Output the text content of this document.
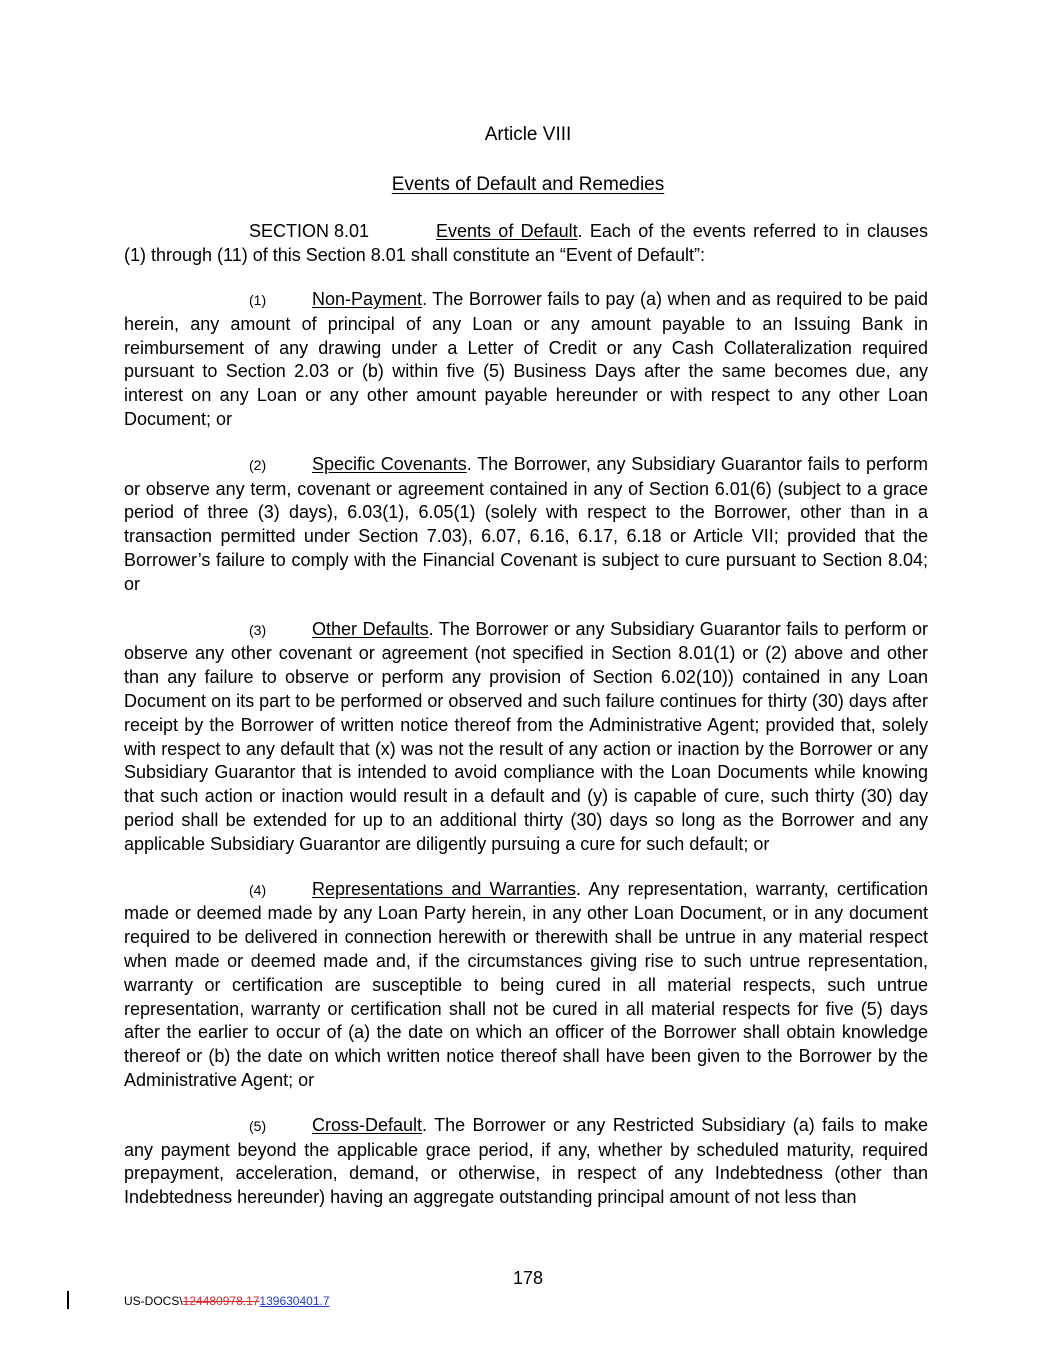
Article VIII
Events of Default and Remedies

SECTION 8.01	Events of Default. Each of the events referred to in clauses (1) through (11) of this Section 8.01 shall constitute an “Event of Default”:

(1)	Non-Payment. The Borrower fails to pay (a) when and as required to be paid herein, any amount of principal of any Loan or any amount payable to an Issuing Bank in reimbursement of any drawing under a Letter of Credit or any Cash Collateralization required pursuant to Section 2.03 or (b) within five (5) Business Days after the same becomes due, any interest on any Loan or any other amount payable hereunder or with respect to any other Loan Document; or

(2)	Specific Covenants. The Borrower, any Subsidiary Guarantor fails to perform or observe any term, covenant or agreement contained in any of Section 6.01(6) (subject to a grace period of three (3) days), 6.03(1), 6.05(1) (solely with respect to the Borrower, other than in a transaction permitted under Section 7.03), 6.07, 6.16, 6.17, 6.18 or Article VII; provided that the Borrower’s failure to comply with the Financial Covenant is subject to cure pursuant to Section 8.04; or

(3)	Other Defaults. The Borrower or any Subsidiary Guarantor fails to perform or observe any other covenant or agreement (not specified in Section 8.01(1) or (2) above and other than any failure to observe or perform any provision of Section 6.02(10)) contained in any Loan Document on its part to be performed or observed and such failure continues for thirty (30) days after receipt by the Borrower of written notice thereof from the Administrative Agent; provided that, solely with respect to any default that (x) was not the result of any action or inaction by the Borrower or any Subsidiary Guarantor that is intended to avoid compliance with the Loan Documents while knowing that such action or inaction would result in a default and (y) is capable of cure, such thirty (30) day period shall be extended for up to an additional thirty (30) days so long as the Borrower and any applicable Subsidiary Guarantor are diligently pursuing a cure for such default; or

(4)	Representations and Warranties. Any representation, warranty, certification made or deemed made by any Loan Party herein, in any other Loan Document, or in any document required to be delivered in connection herewith or therewith shall be untrue in any material respect when made or deemed made and, if the circumstances giving rise to such untrue representation, warranty or certification are susceptible to being cured in all material respects, such untrue representation, warranty or certification shall not be cured in all material respects for five (5) days after the earlier to occur of (a) the date on which an officer of the Borrower shall obtain knowledge thereof or (b) the date on which written notice thereof shall have been given to the Borrower by the Administrative Agent; or

(5)	Cross-Default. The Borrower or any Restricted Subsidiary (a) fails to make any payment beyond the applicable grace period, if any, whether by scheduled maturity, required prepayment, acceleration, demand, or otherwise, in respect of any Indebtedness (other than Indebtedness hereunder) having an aggregate outstanding principal amount of not less than

178
US-DOCS\124480978.17139630401.7
